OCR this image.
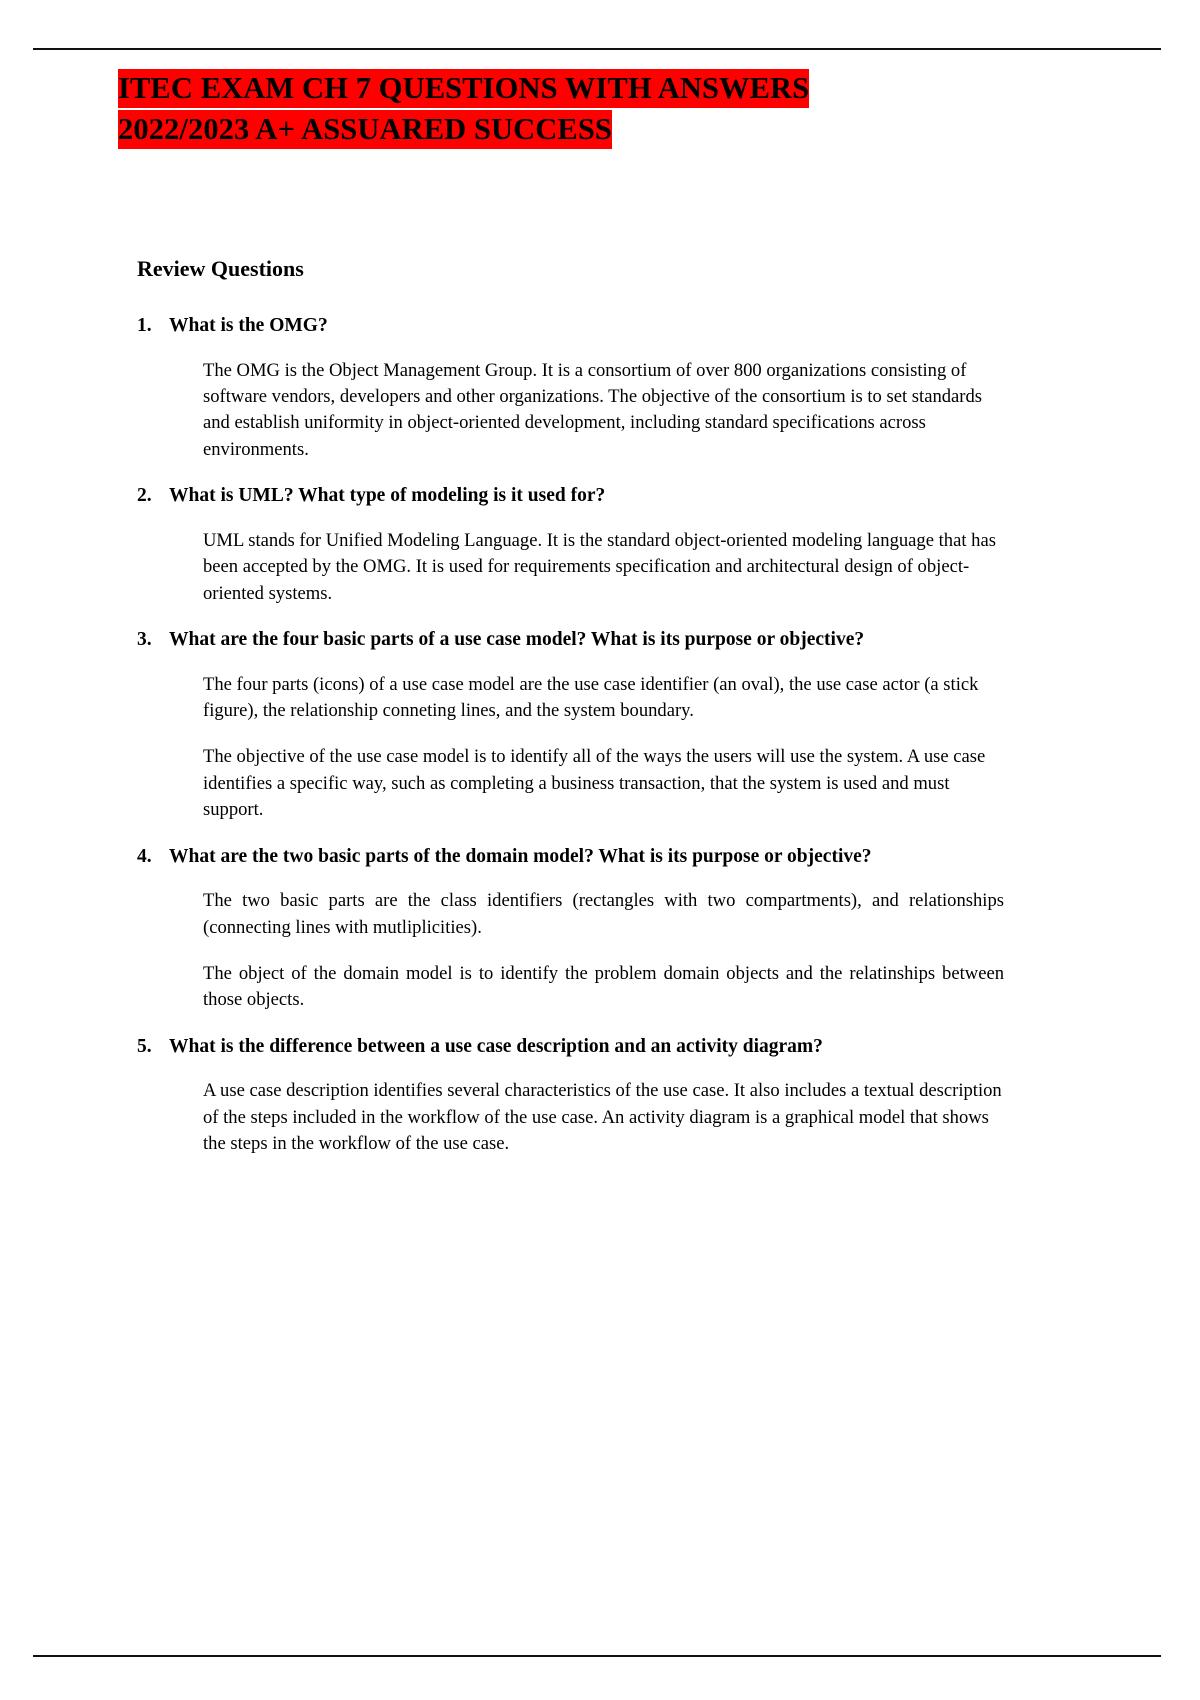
ITEC EXAM CH 7 QUESTIONS WITH ANSWERS
2022/2023 A+ ASSUARED SUCCESS
Review Questions
1. What is the OMG?

The OMG is the Object Management Group. It is a consortium of over 800 organizations consisting of software vendors, developers and other organizations. The objective of the consortium is to set standards and establish uniformity in object-oriented development, including standard specifications across environments.

2. What is UML? What type of modeling is it used for?

UML stands for Unified Modeling Language. It is the standard object-oriented modeling language that has been accepted by the OMG. It is used for requirements specification and architectural design of object-oriented systems.

3. What are the four basic parts of a use case model? What is its purpose or objective?

The four parts (icons) of a use case model are the use case identifier (an oval), the use case actor (a stick figure), the relationship conneting lines, and the system boundary.

The objective of the use case model is to identify all of the ways the users will use the system. A use case identifies a specific way, such as completing a business transaction, that the system is used and must support.

4. What are the two basic parts of the domain model? What is its purpose or objective?

The two basic parts are the class identifiers (rectangles with two compartments), and relationships (connecting lines with mutliplicities).

The object of the domain model is to identify the problem domain objects and the relatinships between those objects.

5. What is the difference between a use case description and an activity diagram?

A use case description identifies several characteristics of the use case. It also includes a textual description of the steps included in the workflow of the use case. An activity diagram is a graphical model that shows the steps in the workflow of the use case.
